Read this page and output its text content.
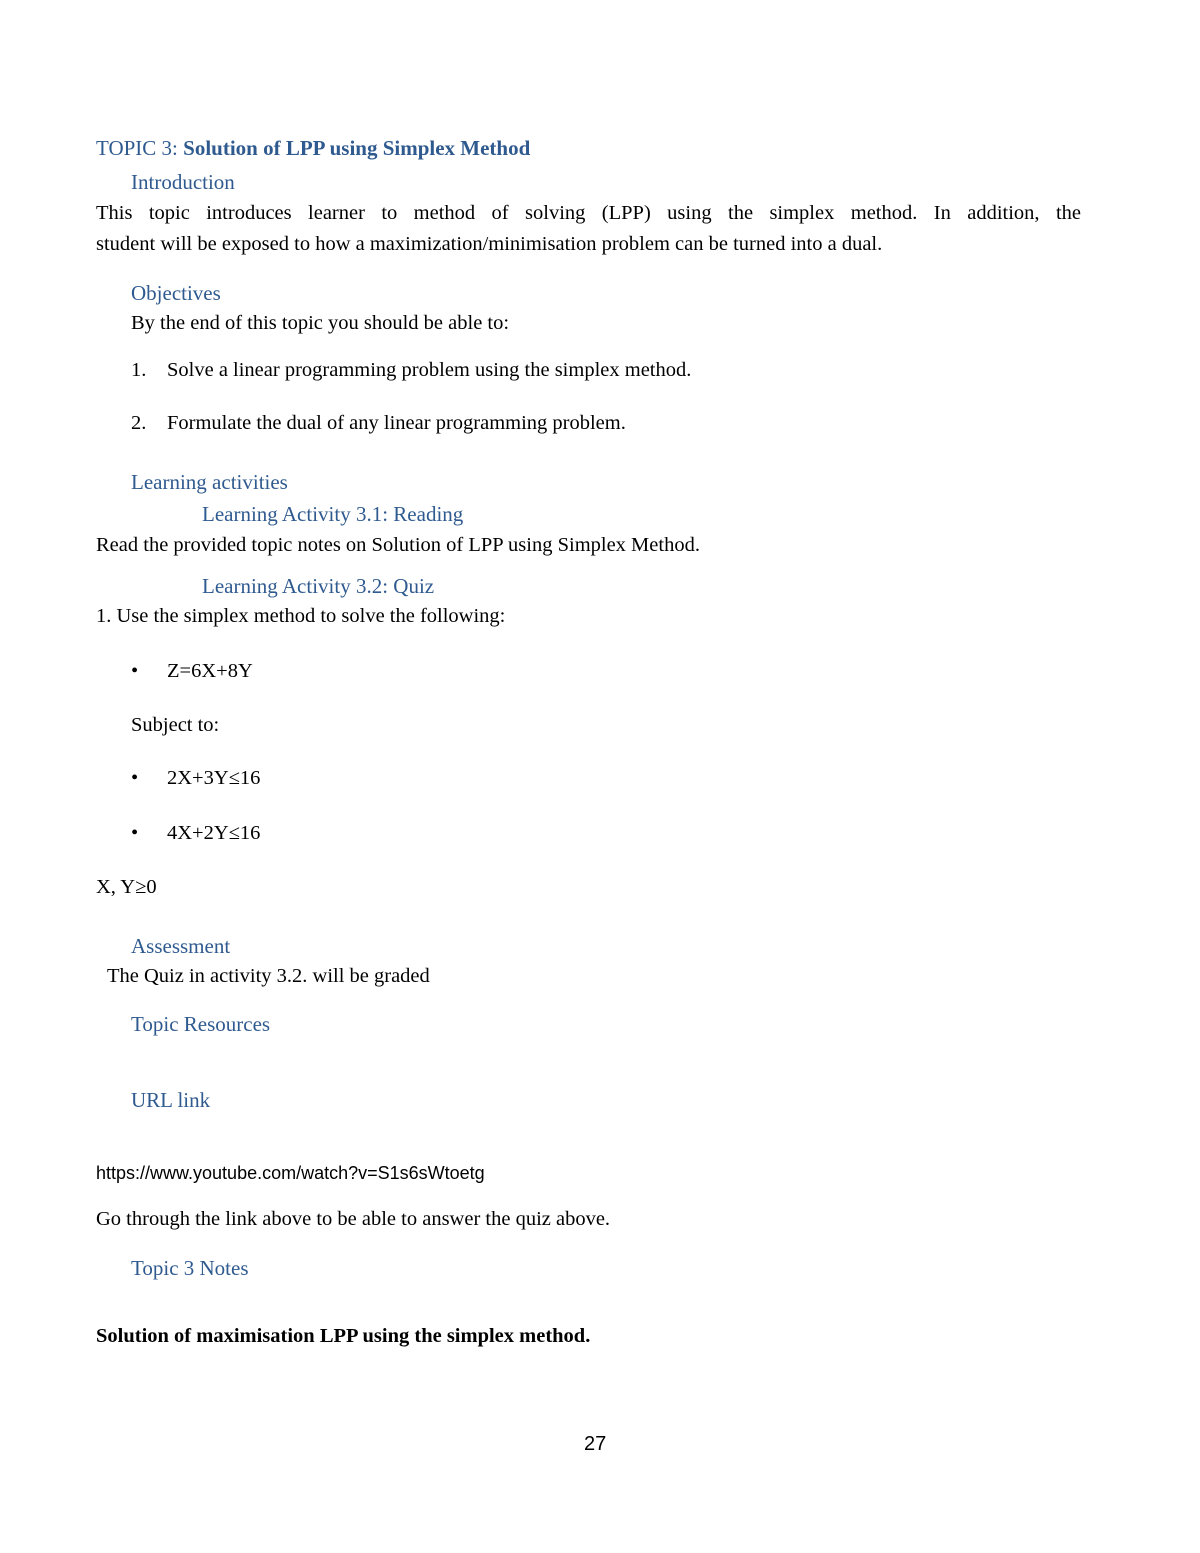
TOPIC 3: Solution of LPP using Simplex Method

Introduction

This topic introduces learner to method of solving (LPP) using the simplex method. In addition, the

student will be exposed to how a maximization/minimisation problem can be turned into a dual.

Objectives

By the end of this topic you should be able to:

1. Solve a linear programming problem using the simplex method.

2. Formulate the dual of any linear programming problem.

Learning activities

Learning Activity 3.1: Reading

Read the provided topic notes on Solution of LPP using Simplex Method.

Learning Activity 3.2: Quiz

1. Use the simplex method to solve the following:

• Z=6X+8Y

Subject to:

• 2X+3Y≤16

• 4X+2Y≤16

X, Y≥0

Assessment

The Quiz in activity 3.2. will be graded

Topic Resources

URL link

https://www.youtube.com/watch?v=S1s6sWtoetg

Go through the link above to be able to answer the quiz above.

Topic 3 Notes

Solution of maximisation LPP using the simplex method.

27
